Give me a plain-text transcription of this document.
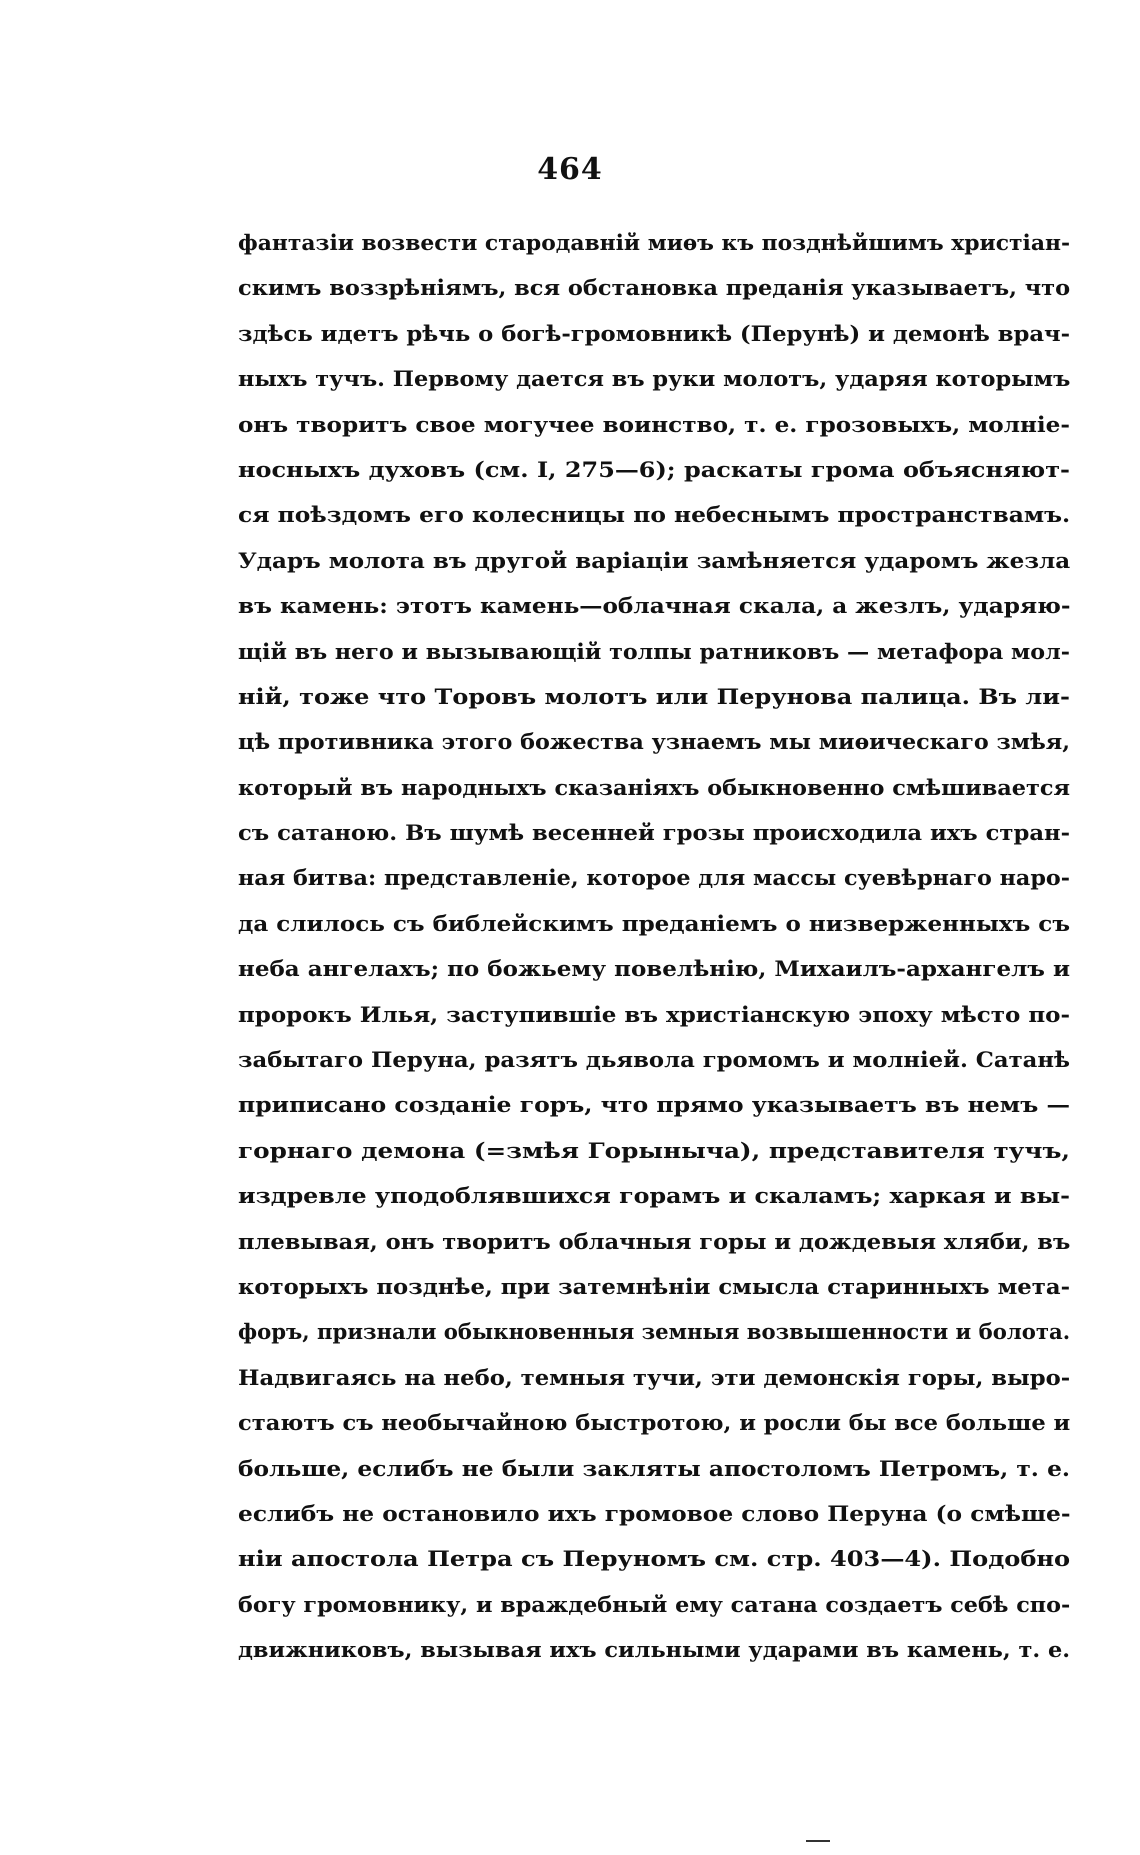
464
фантазіи возвести стародавній миѳъ къ позднѣйшимъ христіан-
скимъ воззрѣніямъ, вся обстановка преданія указываетъ, что
здѣсь идетъ рѣчь о богѣ-громовникѣ (Перунѣ) и демонѣ врач-
ныхъ тучъ. Первому дается въ руки молотъ, ударяя которымъ
онъ творитъ свое могучее воинство, т. е. грозовыхъ, молніе-
носныхъ духовъ (см. I, 275—6); раскаты грома объясняют-
ся поѣздомъ его колесницы по небеснымъ пространствамъ.
Ударъ молота въ другой варіаціи замѣняется ударомъ жезла
въ камень: этотъ камень—облачная скала, а жезлъ, ударяю-
щій въ него и вызывающій толпы ратниковъ — метафора мол-
ній, тоже что Торовъ молотъ или Перунова палица. Въ ли-
цѣ противника этого божества узнаемъ мы миѳическаго змѣя,
который въ народныхъ сказаніяхъ обыкновенно смѣшивается
съ сатаною. Въ шумѣ весенней грозы происходила ихъ стран-
ная битва: представленіе, которое для массы суевѣрнаго наро-
да слилось съ библейскимъ преданіемъ о низверженныхъ съ
неба ангелахъ; по божьему повелѣнію, Михаилъ-архангелъ и
пророкъ Илья, заступившіе въ христіанскую эпоху мѣсто по-
забытаго Перуна, разятъ дьявола громомъ и молніей. Сатанѣ
приписано созданіе горъ, что прямо указываетъ въ немъ —
горнаго демона (=змѣя Горыныча), представителя тучъ,
издревле уподоблявшихся горамъ и скаламъ; харкая и вы-
плевывая, онъ творитъ облачныя горы и дождевыя хляби, въ
которыхъ позднѣе, при затемнѣніи смысла старинныхъ мета-
форъ, признали обыкновенныя земныя возвышенности и болота.
Надвигаясь на небо, темныя тучи, эти демонскія горы, выро-
стаютъ съ необычайною быстротою, и росли бы все больше и
больше, еслибъ не были закляты апостоломъ Петромъ, т. е.
еслибъ не остановило ихъ громовое слово Перуна (о смѣше-
ніи апостола Петра съ Перуномъ см. стр. 403—4). Подобно
богу громовнику, и враждебный ему сатана создаетъ себѣ спо-
движниковъ, вызывая ихъ сильными ударами въ камень, т. е.
